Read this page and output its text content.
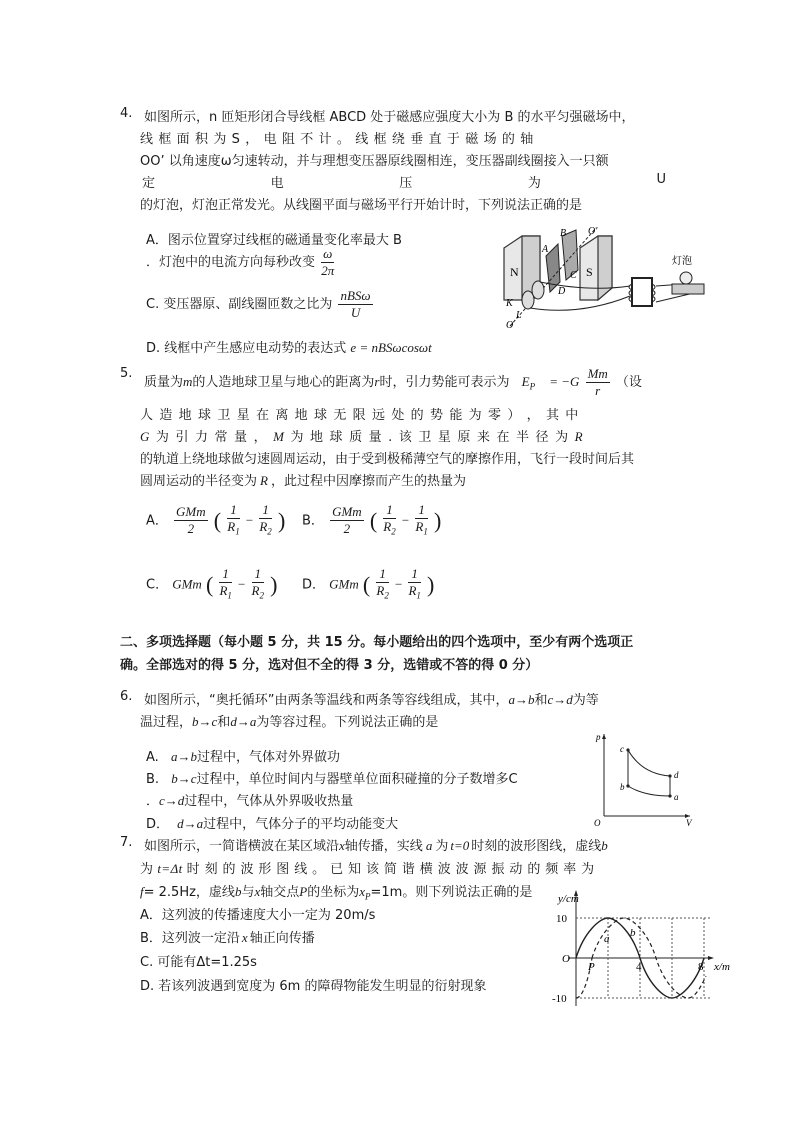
4. 如图所示，n 匝矩形闭合导线框 ABCD 处于磁感应强度大小为 B 的水平匀强磁场中，
线 框 面 积 为 S ， 电 阻 不 计 。 线 框 绕 垂 直 于 磁 场 的 轴
OO’ 以角速度ω匀速转动，并与理想变压器原线圈相连，变压器副线圈接入一只额
定	电	压	为	U
的灯泡，灯泡正常发光。从线圈平面与磁场平行开始计时，下列说法正确的是
A．图示位置穿过线框的磁通量变化率最大 B
．灯泡中的电流方向每秒改变 $\frac{\omega}{2\pi}$
C. 变压器原、副线圈匝数之比为 $\frac{\text{nBSω}}{U}$
D. 线框中产生感应电动势的表达式 e = nBSωcosωt
N	S
A
B
C
D
O'
O
K
L
灯泡
5.
质量为m的人造地球卫星与地心的距离为r时，引力势能可表示为 $E_P = -G \frac{Mm}{r}$ （设
人 造 地 球 卫 星 在 离 地 球 无 限 远 处 的 势 能 为 零 ） ， 其 中
G 为 引 力 常 量 ， M 为 地 球 质 量 . 该 卫 星 原 来 在 半 径 为 R
的轨道上绕地球做匀速圆周运动，由于受到极稀薄空气的摩擦作用，飞行一段时间后其
圆周运动的半径变为 R ，此过程中因摩擦而产生的热量为
A． $\frac{\text{GMm}}{2}$ ( $\frac{1}{R_1} - \frac{1}{R_2}$ ) B． $\frac{\text{GMm}}{2}$ ( $\frac{1}{R_2} - \frac{1}{R_1}$ )
C． GMm ( $\frac{1}{R_1} - \frac{1}{R_2}$ ) D． GMm ( $\frac{1}{R_2} - \frac{1}{R_1}$ )
二、多项选择题（每小题 5 分，共 15 分。每小题给出的四个选项中，至少有两个选项正
确。全部选对的得 5 分，选对但不全的得 3 分，选错或不答的得 0 分）
6. 如图所示，“奥托循环”由两条等温线和两条等容线组成，其中，a→b和c→d为等
温过程，b→c和d→a为等容过程。下列说法正确的是
A. a→b过程中，气体对外界做功
B. b→c过程中，单位时间内与器壁单位面积碰撞的分子数增多C
．c→d过程中，气体从外界吸收热量
D． d→a过程中，气体分子的平均动能变大
p
V
O
c
b
d
a
7. 如图所示，一简谐横波在某区域沿x轴传播，实线 a 为 t=0 时刻的波形图线，虚线b
为 t=Δt 时 刻 的 波 形 图 线 。 已 知 该 简 谐 横 波 波 源 振 动 的 频 率 为
f= 2.5Hz，虚线b与x轴交点P的坐标为$x_P=1m$。则下列说法正确的是
A．这列波的传播速度大小一定为 20m/s
B．这列波一定沿 x 轴正向传播
C. 可能有Δt=1.25s
D. 若该列波遇到宽度为 6m 的障碍物能发生明显的衍射现象
y/cm
x/m
10
-10
O
P	4	8
a b
